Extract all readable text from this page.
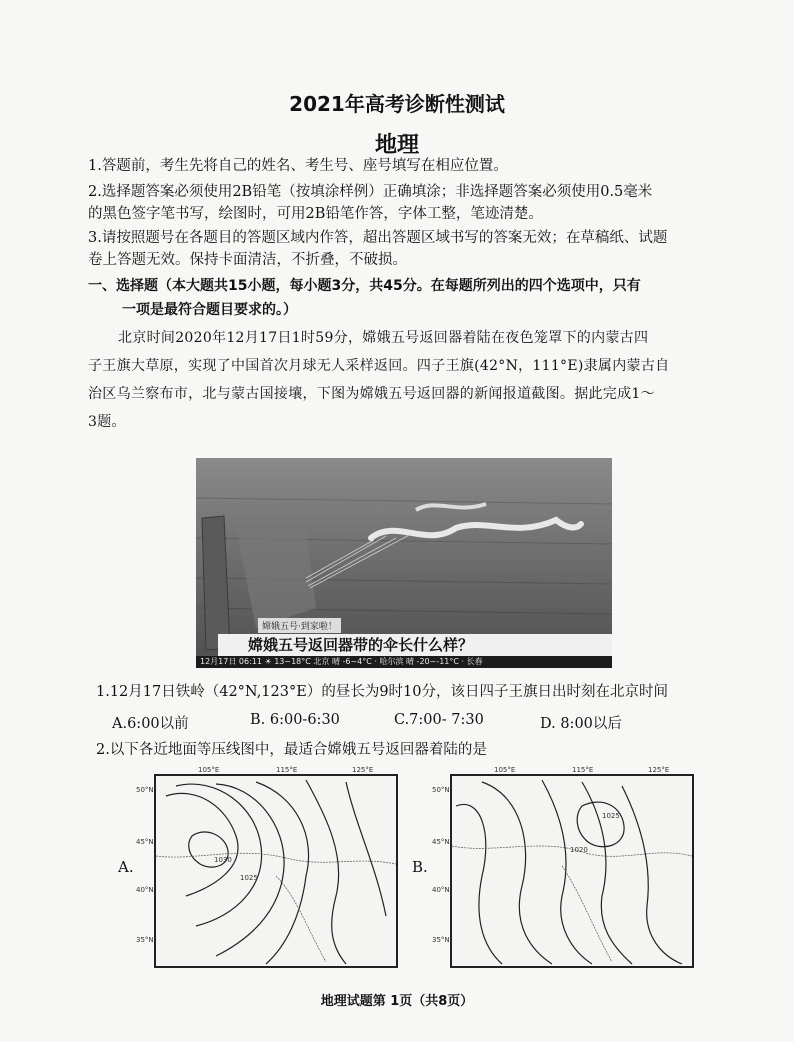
2021年高考诊断性测试
地理
1.答题前，考生先将自己的姓名、考生号、座号填写在相应位置。
2.选择题答案必须使用2B铅笔（按填涂样例）正确填涂；非选择题答案必须使用0.5毫米
的黑色签字笔书写，绘图时，可用2B铅笔作答，字体工整，笔迹清楚。
3.请按照题号在各题目的答题区域内作答，超出答题区域书写的答案无效；在草稿纸、试题
卷上答题无效。保持卡面清洁，不折叠，不破损。
一、选择题（本大题共15小题，每小题3分，共45分。在每题所列出的四个选项中，只有
一项是最符合题目要求的。）
北京时间2020年12月17日1时59分，嫦娥五号返回器着陆在夜色笼罩下的内蒙古四
子王旗大草原，实现了中国首次月球无人采样返回。四子王旗(42°N，111°E)隶属内蒙古自
治区乌兰察布市，北与蒙古国接壤，下图为嫦娥五号返回器的新闻报道截图。据此完成1～
3题。
嫦娥五号·到家啦！
嫦娥五号返回器带的伞长什么样？
12月17日 06:11 ☀ 13~18°C 北京 晴 -6~4°C · 哈尔滨 晴 -20~-11°C · 长春
1.12月17日铁岭（42°N,123°E）的昼长为9时10分，该日四子王旗日出时刻在北京时间
A.6:00以前	B. 6:00-6:30	C.7:00- 7:30	D. 8:00以后
2.以下各近地面等压线图中，最适合嫦娥五号返回器着陆的是
A.
105°E	115°E	125°E
50°N
45°N
40°N
35°N
1030
1025
B.
105°E	115°E	125°E
50°N
45°N
40°N
35°N
1020
1025
地理试题第 1页（共8页）
